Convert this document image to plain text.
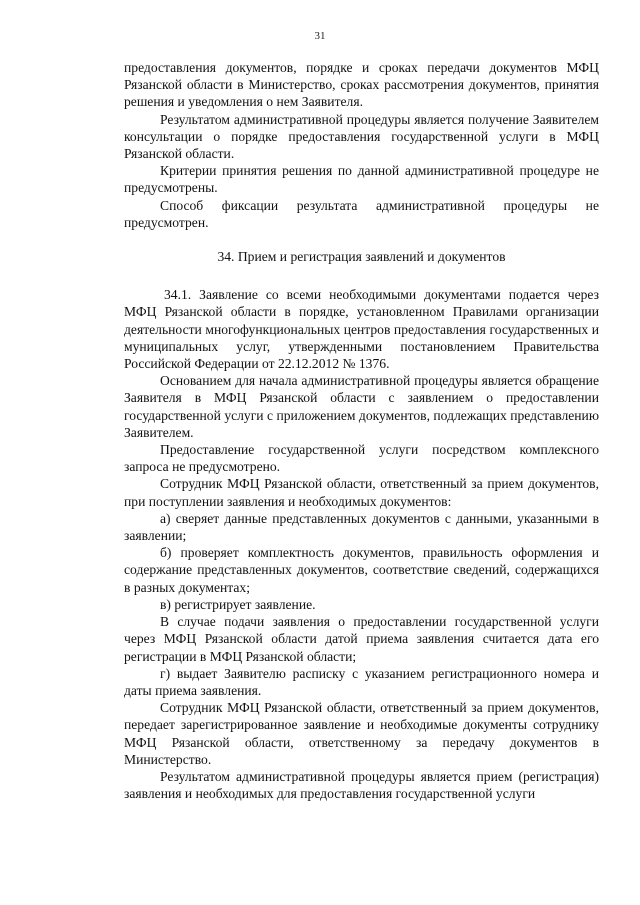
31

предоставления документов, порядке и сроках передачи документов МФЦ Рязанской области в Министерство, сроках рассмотрения документов, принятия решения и уведомления о нем Заявителя.

Результатом административной процедуры является получение Заявителем консультации о порядке предоставления государственной услуги в МФЦ Рязанской области.

Критерии принятия решения по данной административной процедуре не предусмотрены.

Способ фиксации результата административной процедуры не предусмотрен.

34. Прием и регистрация заявлений и документов

34.1. Заявление со всеми необходимыми документами подается через МФЦ Рязанской области в порядке, установленном Правилами организации деятельности многофункциональных центров предоставления государственных и муниципальных услуг, утвержденными постановлением Правительства Российской Федерации от 22.12.2012 № 1376.

Основанием для начала административной процедуры является обращение Заявителя в МФЦ Рязанской области с заявлением о предоставлении государственной услуги с приложением документов, подлежащих представлению Заявителем.

Предоставление государственной услуги посредством комплексного запроса не предусмотрено.

Сотрудник МФЦ Рязанской области, ответственный за прием документов, при поступлении заявления и необходимых документов:

а) сверяет данные представленных документов с данными, указанными в заявлении;

б) проверяет комплектность документов, правильность оформления и содержание представленных документов, соответствие сведений, содержащихся в разных документах;

в) регистрирует заявление.

В случае подачи заявления о предоставлении государственной услуги через МФЦ Рязанской области датой приема заявления считается дата его регистрации в МФЦ Рязанской области;

г) выдает Заявителю расписку с указанием регистрационного номера и даты приема заявления.

Сотрудник МФЦ Рязанской области, ответственный за прием документов, передает зарегистрированное заявление и необходимые документы сотруднику МФЦ Рязанской области, ответственному за передачу документов в Министерство.

Результатом административной процедуры является прием (регистрация) заявления и необходимых для предоставления государственной услуги
